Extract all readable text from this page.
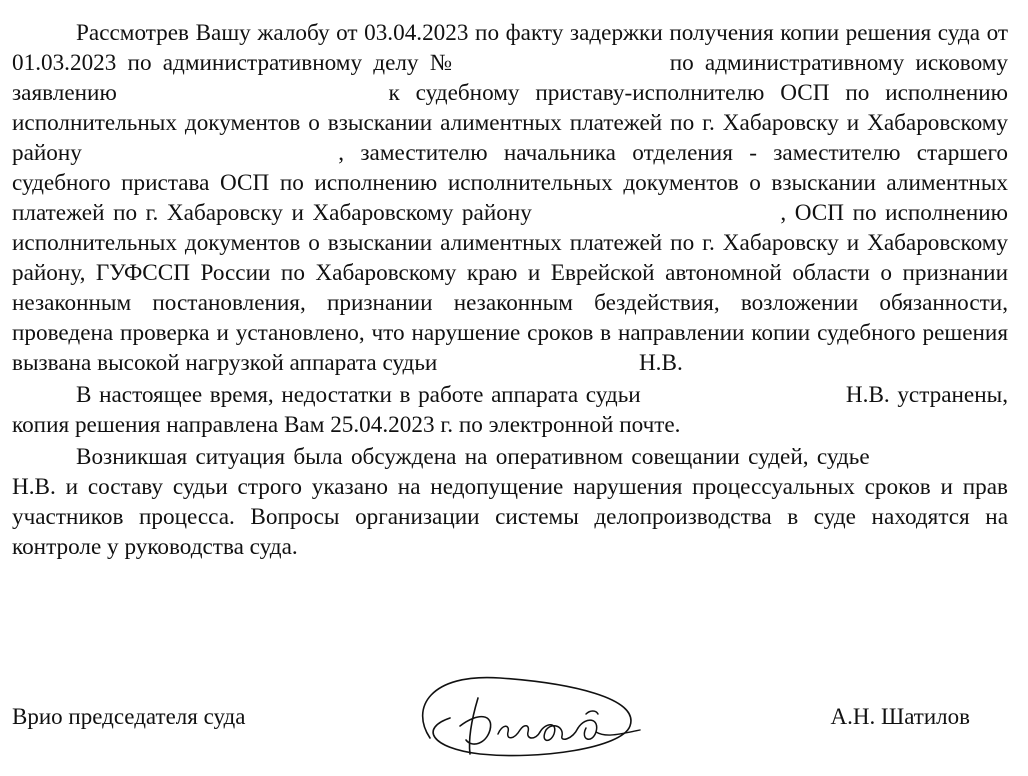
Рассмотрев Вашу жалобу от 03.04.2023 по факту задержки получения копии решения суда от 01.03.2023 по административному делу №	по административному исковому заявлению	к судебному приставу-исполнителю ОСП по исполнению исполнительных документов о взыскании алиментных платежей по г. Хабаровску и Хабаровскому району	, заместителю начальника отделения - заместителю старшего судебного пристава ОСП по исполнению исполнительных документов о взыскании алиментных платежей по г. Хабаровску и Хабаровскому району	, ОСП по исполнению исполнительных документов о взыскании алиментных платежей по г. Хабаровску и Хабаровскому району, ГУФССП России по Хабаровскому краю и Еврейской автономной области о признании незаконным постановления, признании незаконным бездействия, возложении обязанности, проведена проверка и установлено, что нарушение сроков в направлении копии судебного решения вызвана высокой нагрузкой аппарата судьи	Н.В.

В настоящее время, недостатки в работе аппарата судьи	Н.В. устранены, копия решения направлена Вам 25.04.2023 г. по электронной почте.

Возникшая ситуация была обсуждена на оперативном совещании судей, судье  Н.В. и составу судьи строго указано на недопущение нарушения процессуальных сроков и прав участников процесса. Вопросы организации системы делопроизводства в суде находятся на контроле у руководства суда.

Врио председателя суда	А.Н. Шатилов
